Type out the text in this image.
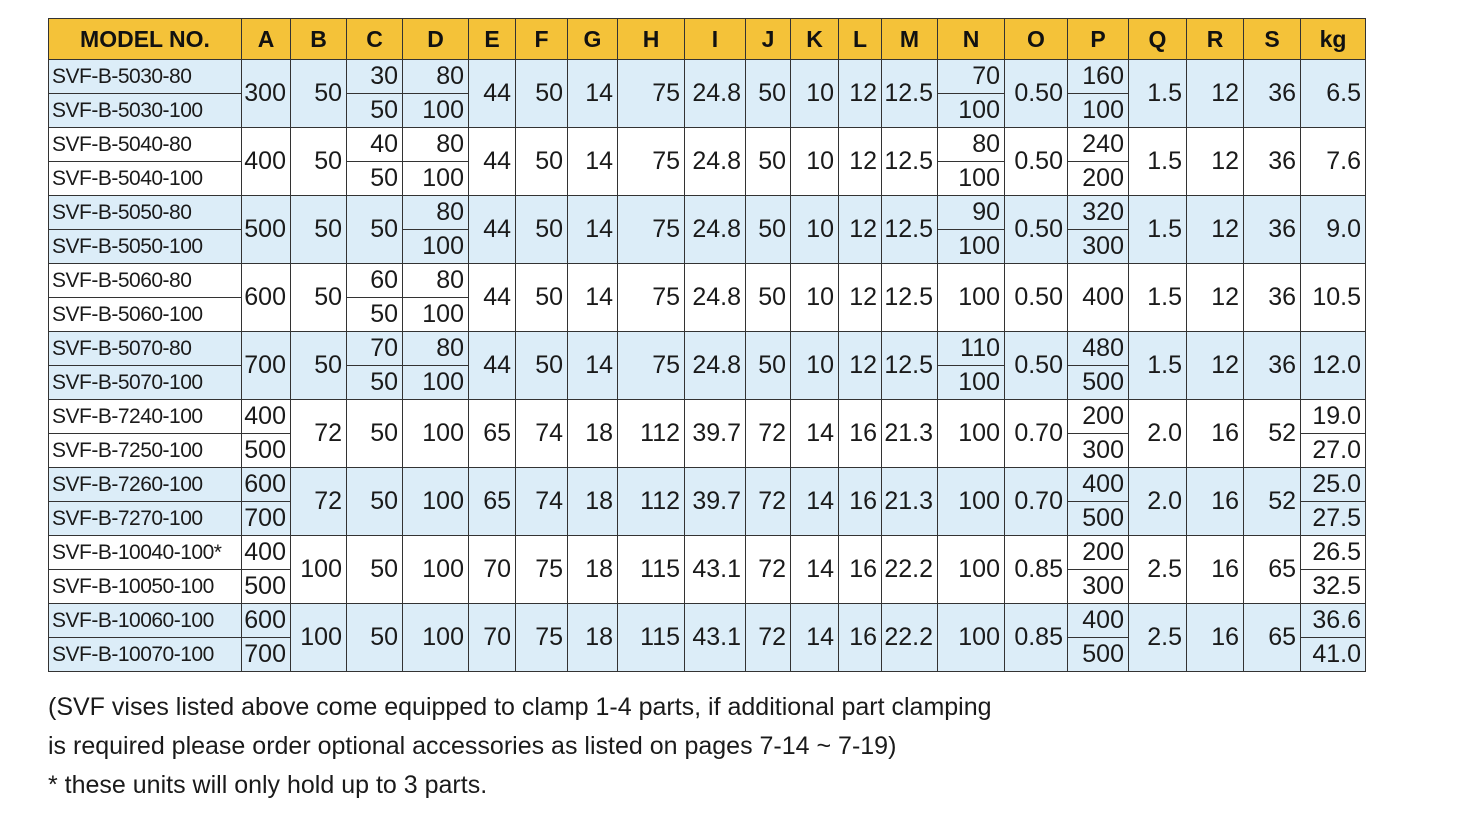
MODEL NO.	A	B	C	D	E	F	G	H	I	J	K	L	M	N	O	P	Q	R	S	kg
SVF-B-5030-80	300	50	30	80	44	50	14	75	24.8	50	10	12	12.5	70	0.50	160	1.5	12	36	6.5
SVF-B-5030-100			50	100										100		100				
SVF-B-5040-80	400	50	40	80	44	50	14	75	24.8	50	10	12	12.5	80	0.50	240	1.5	12	36	7.6
SVF-B-5040-100			50	100										100		200				
SVF-B-5050-80	500	50	50	80	44	50	14	75	24.8	50	10	12	12.5	90	0.50	320	1.5	12	36	9.0
SVF-B-5050-100				100										100		300				
SVF-B-5060-80	600	50	60	80	44	50	14	75	24.8	50	10	12	12.5	100	0.50	400	1.5	12	36	10.5
SVF-B-5060-100			50	100																
SVF-B-5070-80	700	50	70	80	44	50	14	75	24.8	50	10	12	12.5	110	0.50	480	1.5	12	36	12.0
SVF-B-5070-100			50	100										100		500				
SVF-B-7240-100	400	72	50	100	65	74	18	112	39.7	72	14	16	21.3	100	0.70	200	2.0	16	52	19.0
SVF-B-7250-100	500															300				27.0
SVF-B-7260-100	600	72	50	100	65	74	18	112	39.7	72	14	16	21.3	100	0.70	400	2.0	16	52	25.0
SVF-B-7270-100	700															500				27.5
SVF-B-10040-100*	400	100	50	100	70	75	18	115	43.1	72	14	16	22.2	100	0.85	200	2.5	16	65	26.5
SVF-B-10050-100	500															300				32.5
SVF-B-10060-100	600	100	50	100	70	75	18	115	43.1	72	14	16	22.2	100	0.85	400	2.5	16	65	36.6
SVF-B-10070-100	700															500				41.0
(SVF vises listed above come equipped to clamp 1-4 parts, if additional part clamping
is required please order optional accessories as listed on pages 7-14 ~ 7-19)
* these units will only hold up to 3 parts.
